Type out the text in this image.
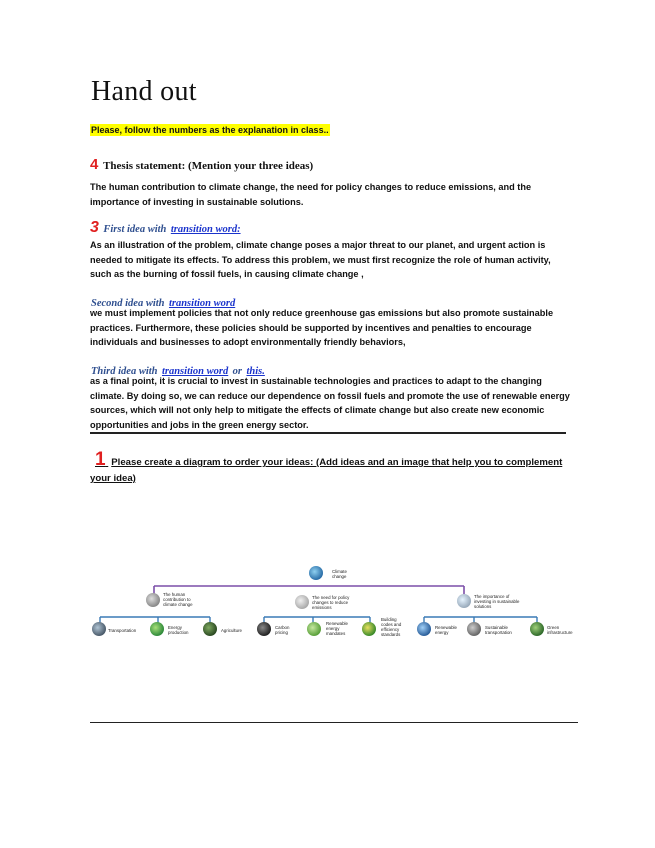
Hand out
Please, follow the numbers as the explanation in class..
4 Thesis statement: (Mention your three ideas)
The human contribution to climate change, the need for policy changes to reduce emissions, and the importance of investing in sustainable solutions.
3 First idea with transition word:
As an illustration of the problem, climate change poses a major threat to our planet, and urgent action is needed to mitigate its effects. To address this problem, we must first recognize the role of human activity, such as the burning of fossil fuels, in causing climate change ,
Second idea with transition word
we must implement policies that not only reduce greenhouse gas emissions but also promote sustainable practices. Furthermore, these policies should be supported by incentives and penalties to encourage individuals and businesses to adopt environmentally friendly behaviors,
Third idea with transition word or this.
as a final point, it is crucial to invest in sustainable technologies and practices to adapt to the changing climate. By doing so, we can reduce our dependence on fossil fuels and promote the use of renewable energy sources, which will not only help to mitigate the effects of climate change but also create new economic opportunities and jobs in the green energy sector.
1 Please create a diagram to order your ideas: (Add ideas and an image that help you to complement your idea)
Climate change
The human contribution to climate change
The need for policy changes to reduce emissions
The importance of investing in sustainable solutions
Transportation
Energy production	Agriculture
Carbon pricing
Renewable energy mandates
Building codes and efficiency standards
Renewable energy
Sustainable transportation
Green infrastructure
